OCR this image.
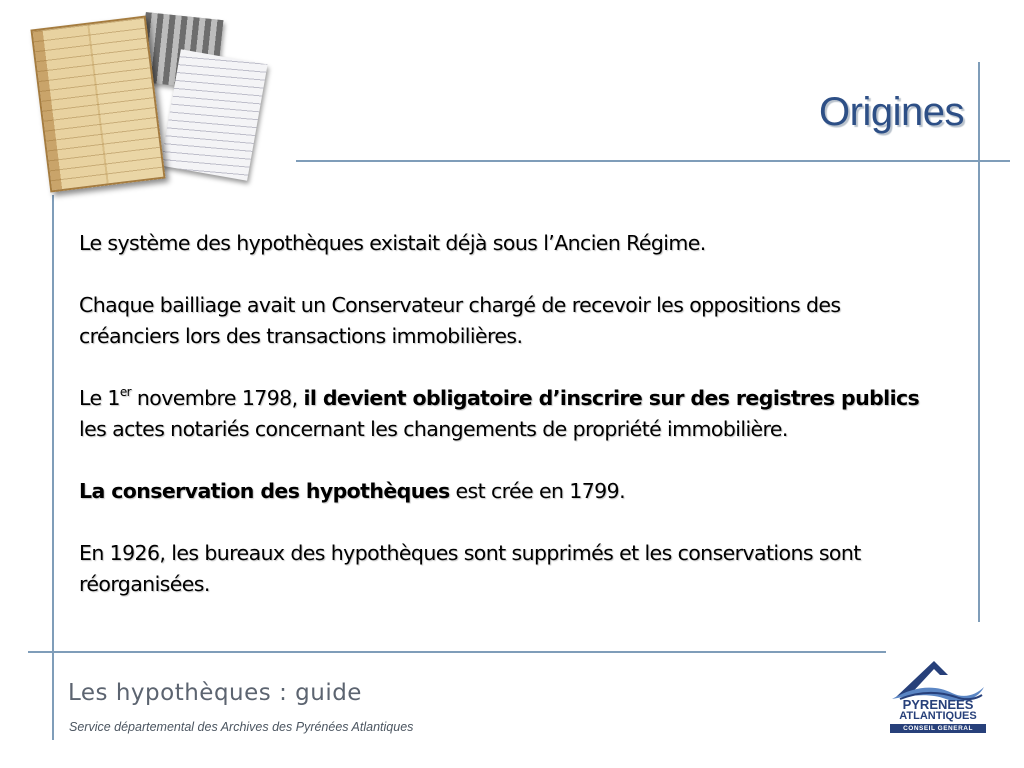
Origines

Le système des hypothèques existait déjà sous l’Ancien Régime.

Chaque bailliage avait un Conservateur chargé de recevoir les oppositions des créanciers lors des transactions immobilières.

Le 1er novembre 1798, il devient obligatoire d’inscrire sur des registres publics les actes notariés concernant les changements de propriété immobilière.

La conservation des hypothèques est crée en 1799.

En 1926, les bureaux des hypothèques sont supprimés et les conservations sont réorganisées.

Les hypothèques : guide
Service départemental des Archives des Pyrénées Atlantiques
PYRENEES
ATLANTIQUES
CONSEIL GENERAL
